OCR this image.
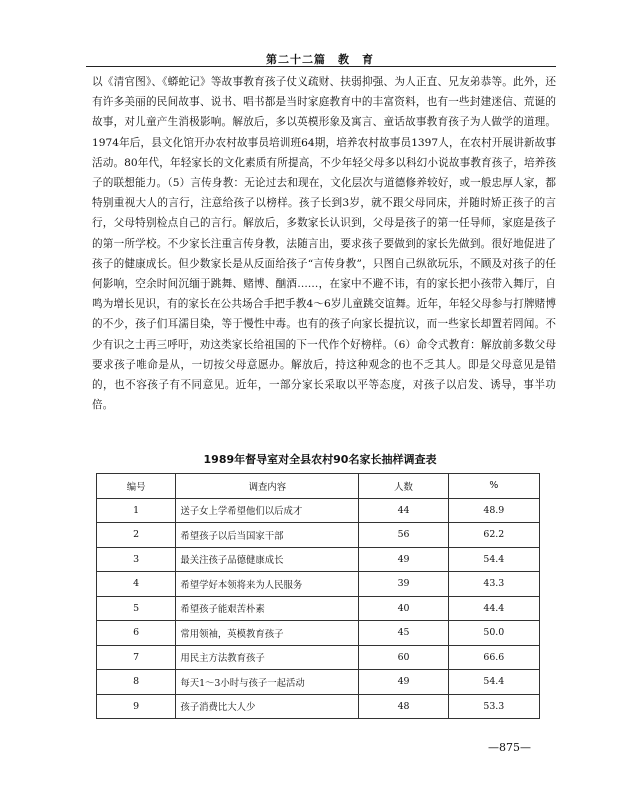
第二十二篇　教　育

以《清官图》、《蟒蛇记》等故事教育孩子仗义疏财、扶弱抑强、为人正直、兄友弟恭等。此外，还有许多美丽的民间故事、说书、唱书都是当时家庭教育中的丰富资料，也有一些封建迷信、荒诞的故事，对儿童产生消极影响。解放后，多以英模形象及寓言、童话故事教育孩子为人做学的道理。1974年后，县文化馆开办农村故事员培训班64期，培养农村故事员1397人，在农村开展讲新故事活动。80年代，年轻家长的文化素质有所提高，不少年轻父母多以科幻小说故事教育孩子，培养孩子的联想能力。（5）言传身教：无论过去和现在，文化层次与道德修养较好，或一般忠厚人家，都特别重视大人的言行，注意给孩子以榜样。孩子长到3岁，就不跟父母同床，并随时矫正孩子的言行，父母特别检点自己的言行。解放后，多数家长认识到，父母是孩子的第一任导师，家庭是孩子的第一所学校。不少家长注重言传身教，法随言出，要求孩子要做到的家长先做到。很好地促进了孩子的健康成长。但少数家长是从反面给孩子“言传身教”，只图自己纵欲玩乐，不顾及对孩子的任何影响，空余时间沉缅于跳舞、赌博、酗酒……，在家中不避不讳，有的家长把小孩带入舞厅，自鸣为增长见识，有的家长在公共场合手把手教4～6岁儿童跳交谊舞。近年，年轻父母参与打牌赌博的不少，孩子们耳濡目染，等于慢性中毒。也有的孩子向家长提抗议，而一些家长却置若罔闻。不少有识之士再三呼吁，劝这类家长给祖国的下一代作个好榜样。（6）命令式教育：解放前多数父母要求孩子唯命是从，一切按父母意愿办。解放后，持这种观念的也不乏其人。即是父母意见是错的，也不容孩子有不同意见。近年，一部分家长采取以平等态度，对孩子以启发、诱导，事半功倍。

1989年督导室对全县农村90名家长抽样调查表
编号	调查内容	人数	%
1	送子女上学希望他们以后成才	44	48.9
2	希望孩子以后当国家干部	56	62.2
3	最关注孩子品德健康成长	49	54.4
4	希望学好本领将来为人民服务	39	43.3
5	希望孩子能艰苦朴素	40	44.4
6	常用领袖，英模教育孩子	45	50.0
7	用民主方法教育孩子	60	66.6
8	每天1～3小时与孩子一起活动	49	54.4
9	孩子消费比大人少	48	53.3
—875—
